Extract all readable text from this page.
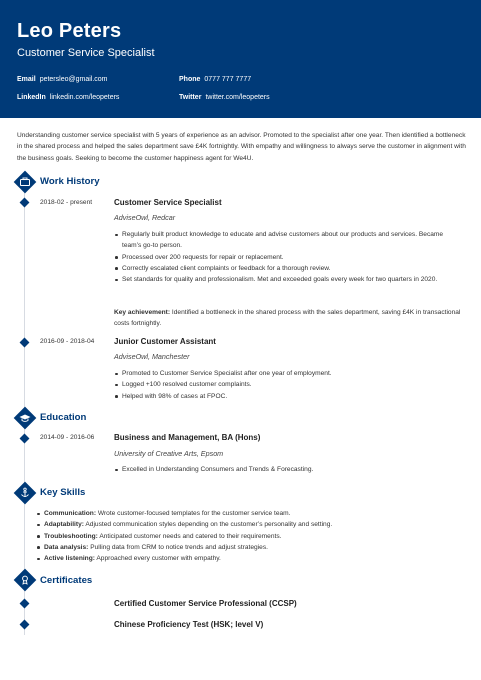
Leo Peters
Customer Service Specialist
Email petersleo@gmail.com	Phone 0777 777 7777
LinkedIn linkedin.com/leopeters	Twitter twitter.com/leopeters
Understanding customer service specialist with 5 years of experience as an advisor. Promoted to the specialist after one year. Then identified a bottleneck in the shared process and helped the sales department save £4K fortnightly. With empathy and willingness to always serve the customer in alignment with the business goals. Seeking to become the customer happiness agent for We4U.
Work History
2018-02 - present	Customer Service Specialist
AdviseOwl, Redcar
Regularly built product knowledge to educate and advise customers about our products and services. Became team’s go-to person.
Processed over 200 requests for repair or replacement.
Correctly escalated client complaints or feedback for a thorough review.
Set standards for quality and professionalism. Met and exceeded goals every week for two quarters in 2020.
Key achievement: Identified a bottleneck in the shared process with the sales department, saving £4K in transactional costs fortnightly.
2016-09 - 2018-04 Junior Customer Assistant
AdviseOwl, Manchester
Promoted to Customer Service Specialist after one year of employment.
Logged +100 resolved customer complaints.
Helped with 98% of cases at FPOC.
Education
2014-09 - 2016-06 Business and Management, BA (Hons)
University of Creative Arts, Epsom
Excelled in Understanding Consumers and Trends & Forecasting.
Key Skills
Communication: Wrote customer-focused templates for the customer service team.
Adaptability: Adjusted communication styles depending on the customer’s personality and setting.
Troubleshooting: Anticipated customer needs and catered to their requirements.
Data analysis: Pulling data from CRM to notice trends and adjust strategies.
Active listening: Approached every customer with empathy.
Certificates
Certified Customer Service Professional (CCSP)
Chinese Proficiency Test (HSK; level V)
